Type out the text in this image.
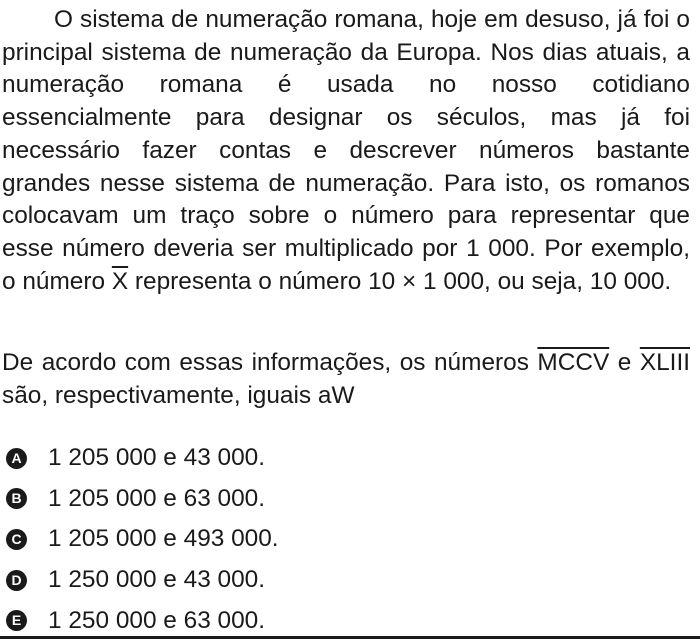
O sistema de numeração romana, hoje em desuso, já foi o principal sistema de numeração da Europa. Nos dias atuais, a numeração romana é usada no nosso cotidiano essencialmente para designar os séculos, mas já foi necessário fazer contas e descrever números bastante grandes nesse sistema de numeração. Para isto, os romanos colocavam um traço sobre o número para representar que esse número deveria ser multiplicado por 1 000. Por exemplo, o número $\overline{X}$ representa o número 10 × 1 000, ou seja, 10 000.

De acordo com essas informações, os números MCCV e XLIII são, respectivamente, iguais aW

A 1 205 000 e 43 000.
B 1 205 000 e 63 000.
C 1 205 000 e 493 000.
D 1 250 000 e 43 000.
E 1 250 000 e 63 000.
